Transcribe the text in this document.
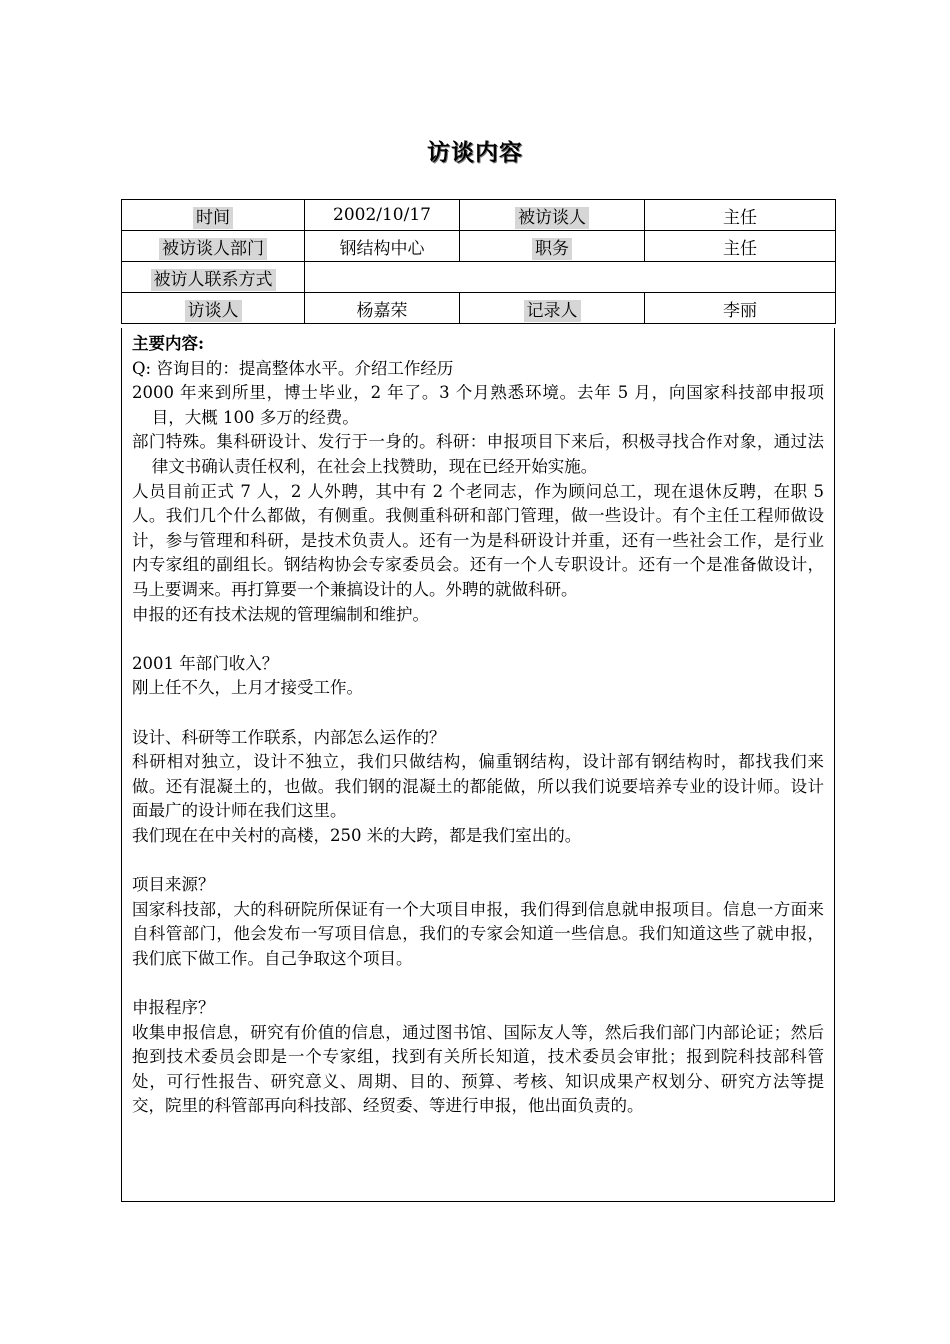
访谈内容
时间	2002/10/17	被访谈人	主任
被访谈人部门	钢结构中心	职务	主任
被访人联系方式			
访谈人	杨嘉荣	记录人	李丽

主要内容:

Q: 咨询目的：提高整体水平。介绍工作经历

2000 年来到所里，博士毕业，2 年了。3 个月熟悉环境。去年 5 月，向国家科技部申报项目，大概 100 多万的经费。

部门特殊。集科研设计、发行于一身的。科研：申报项目下来后，积极寻找合作对象，通过法律文书确认责任权利，在社会上找赞助，现在已经开始实施。

人员目前正式 7 人，2 人外聘，其中有 2 个老同志，作为顾问总工，现在退休反聘，在职 5 人。我们几个什么都做，有侧重。我侧重科研和部门管理，做一些设计。有个主任工程师做设计，参与管理和科研，是技术负责人。还有一为是科研设计并重，还有一些社会工作，是行业内专家组的副组长。钢结构协会专家委员会。还有一个人专职设计。还有一个是准备做设计，马上要调来。再打算要一个兼搞设计的人。外聘的就做科研。

申报的还有技术法规的管理编制和维护。

2001 年部门收入？

刚上任不久，上月才接受工作。

设计、科研等工作联系，内部怎么运作的？

科研相对独立，设计不独立，我们只做结构，偏重钢结构，设计部有钢结构时，都找我们来做。还有混凝土的，也做。我们钢的混凝土的都能做，所以我们说要培养专业的设计师。设计面最广的设计师在我们这里。

我们现在在中关村的高楼，250 米的大跨，都是我们室出的。

项目来源？

国家科技部，大的科研院所保证有一个大项目申报，我们得到信息就申报项目。信息一方面来自科管部门，他会发布一写项目信息，我们的专家会知道一些信息。我们知道这些了就申报，我们底下做工作。自己争取这个项目。

申报程序？

收集申报信息，研究有价值的信息，通过图书馆、国际友人等，然后我们部门内部论证；然后抱到技术委员会即是一个专家组，找到有关所长知道，技术委员会审批；报到院科技部科管处，可行性报告、研究意义、周期、目的、预算、考核、知识成果产权划分、研究方法等提交，院里的科管部再向科技部、经贸委、等进行申报，他出面负责的。
